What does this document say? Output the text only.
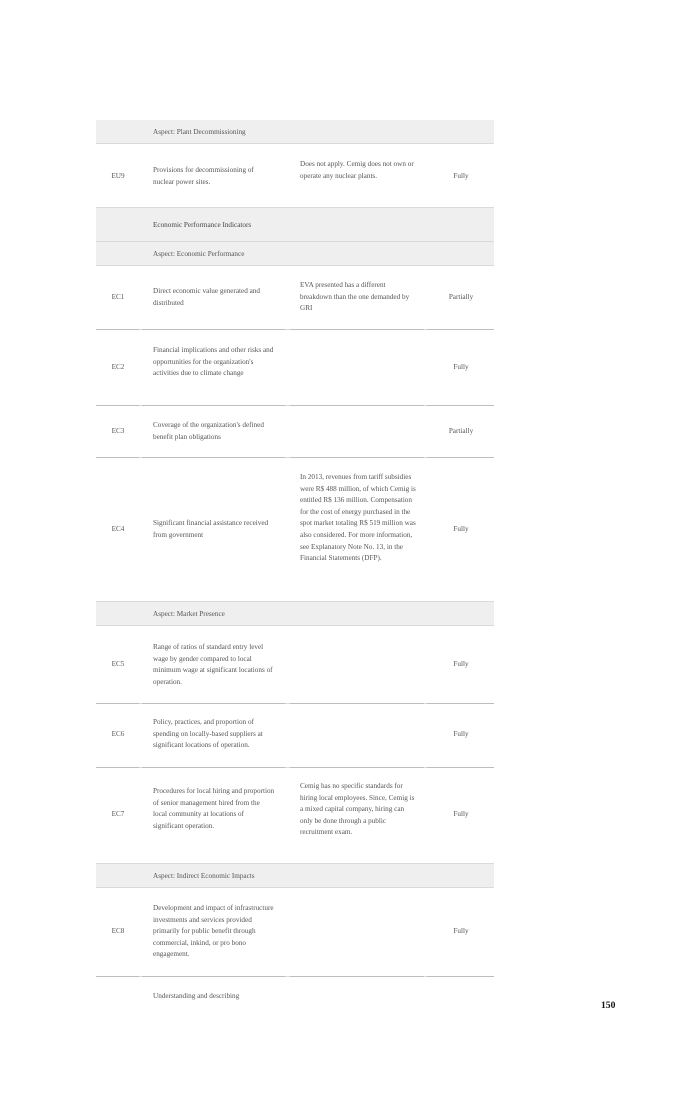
Aspect: Plant Decommissioning
EU9
Provisions for decommissioning of nuclear power sites.
Does not apply. Cemig does not own or operate any nuclear plants.	Fully
Economic Performance Indicators
Aspect: Economic Performance
EC1
Direct economic value generated and distributed
EVA presented has a different breakdown than the one demanded by GRI
Partially
EC2
Financial implications and other risks and opportunities for the organization's activities due to climate change
Fully
EC3
Coverage of the organization's defined benefit plan obligations
Partially
EC4
Significant financial assistance received from government
In 2013, revenues from tariff subsidies were R$ 488 million, of which Cemig is entitled R$ 136 million. Compensation for the cost of energy purchased in the spot market totaling R$ 519 million was also considered. For more information, see Explanatory Note No. 13, in the Financial Statements (DFP).
Fully
Aspect: Market Presence
EC5
Range of ratios of standard entry level wage by gender compared to local minimum wage at significant locations of operation.
Fully
EC6
Policy, practices, and proportion of spending on locally-based suppliers at significant locations of operation.
Fully
EC7
Procedures for local hiring and proportion of senior management hired from the local community at locations of significant operation.
Cemig has no specific standards for hiring local employees. Since, Cemig is a mixed capital company, hiring can only be done through a public recruitment exam.
Fully
Aspect: Indirect Economic Impacts
EC8
Development and impact of infrastructure investments and services provided primarily for public benefit through commercial, inkind, or pro bono engagement.
Fully
Understanding and describing
150
